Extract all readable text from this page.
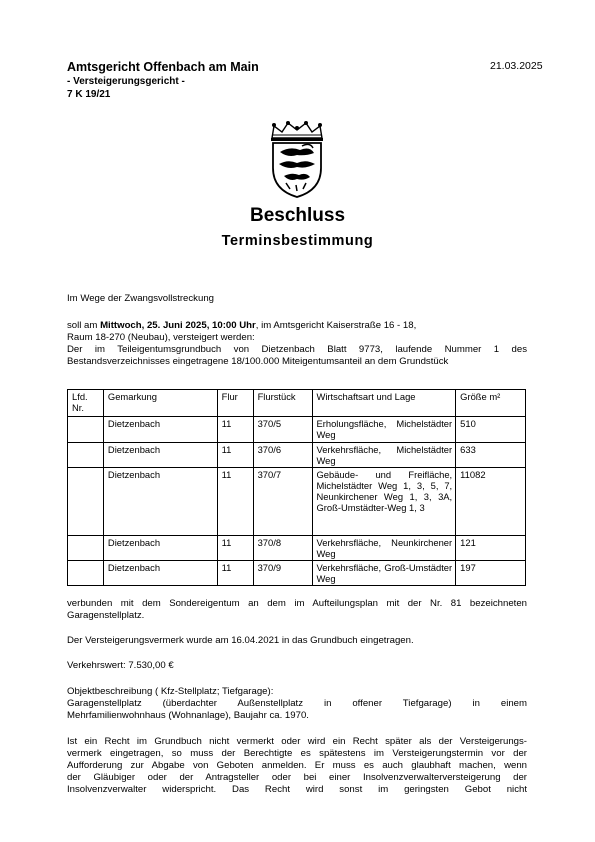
Amtsgericht Offenbach am Main
- Versteigerungsgericht -
7 K 19/21
21.03.2025
Beschluss
Terminsbestimmung
Im Wege der Zwangsvollstreckung
soll am Mittwoch, 25. Juni 2025, 10:00 Uhr, im Amtsgericht Kaiserstraße 16 - 18,
Raum 18-270 (Neubau), versteigert werden:
Der im Teileigentumsgrundbuch von Dietzenbach Blatt 9773, laufende Nummer 1 des
Bestandsverzeichnisses eingetragene 18/100.000 Miteigentumsanteil an dem Grundstück
Lfd. Nr.	Gemarkung	Flur	Flurstück	Wirtschaftsart und Lage	Größe m²
	Dietzenbach	11	370/5	Erholungsfläche, Michelstädter Weg	510
	Dietzenbach	11	370/6	Verkehrsfläche, Michelstädter Weg	633
	Dietzenbach	11	370/7	Gebäude- und Freifläche, Michelstädter Weg 1, 3, 5, 7, Neunkirchener Weg 1, 3, 3A, Groß-Umstädter-Weg 1, 3	11082
	Dietzenbach	11	370/8	Verkehrsfläche, Neunkirchener Weg	121
	Dietzenbach	11	370/9	Verkehrsfläche, Groß-Umstädter Weg	197
verbunden mit dem Sondereigentum an dem im Aufteilungsplan mit der Nr. 81 bezeichneten
Garagenstellplatz.
Der Versteigerungsvermerk wurde am 16.04.2021 in das Grundbuch eingetragen.
Verkehrswert: 7.530,00 €
Objektbeschreibung ( Kfz-Stellplatz; Tiefgarage):
Garagenstellplatz (überdachter Außenstellplatz in offener Tiefgarage) in einem
Mehrfamilienwohnhaus (Wohnanlage), Baujahr ca. 1970.
Ist ein Recht im Grundbuch nicht vermerkt oder wird ein Recht später als der Versteigerungs-
vermerk eingetragen, so muss der Berechtigte es spätestens im Versteigerungstermin vor der
Aufforderung zur Abgabe von Geboten anmelden. Er muss es auch glaubhaft machen, wenn
der Gläubiger oder der Antragsteller oder bei einer Insolvenzverwalterversteigerung der
Insolvenzverwalter widerspricht. Das Recht wird sonst im geringsten Gebot nicht
